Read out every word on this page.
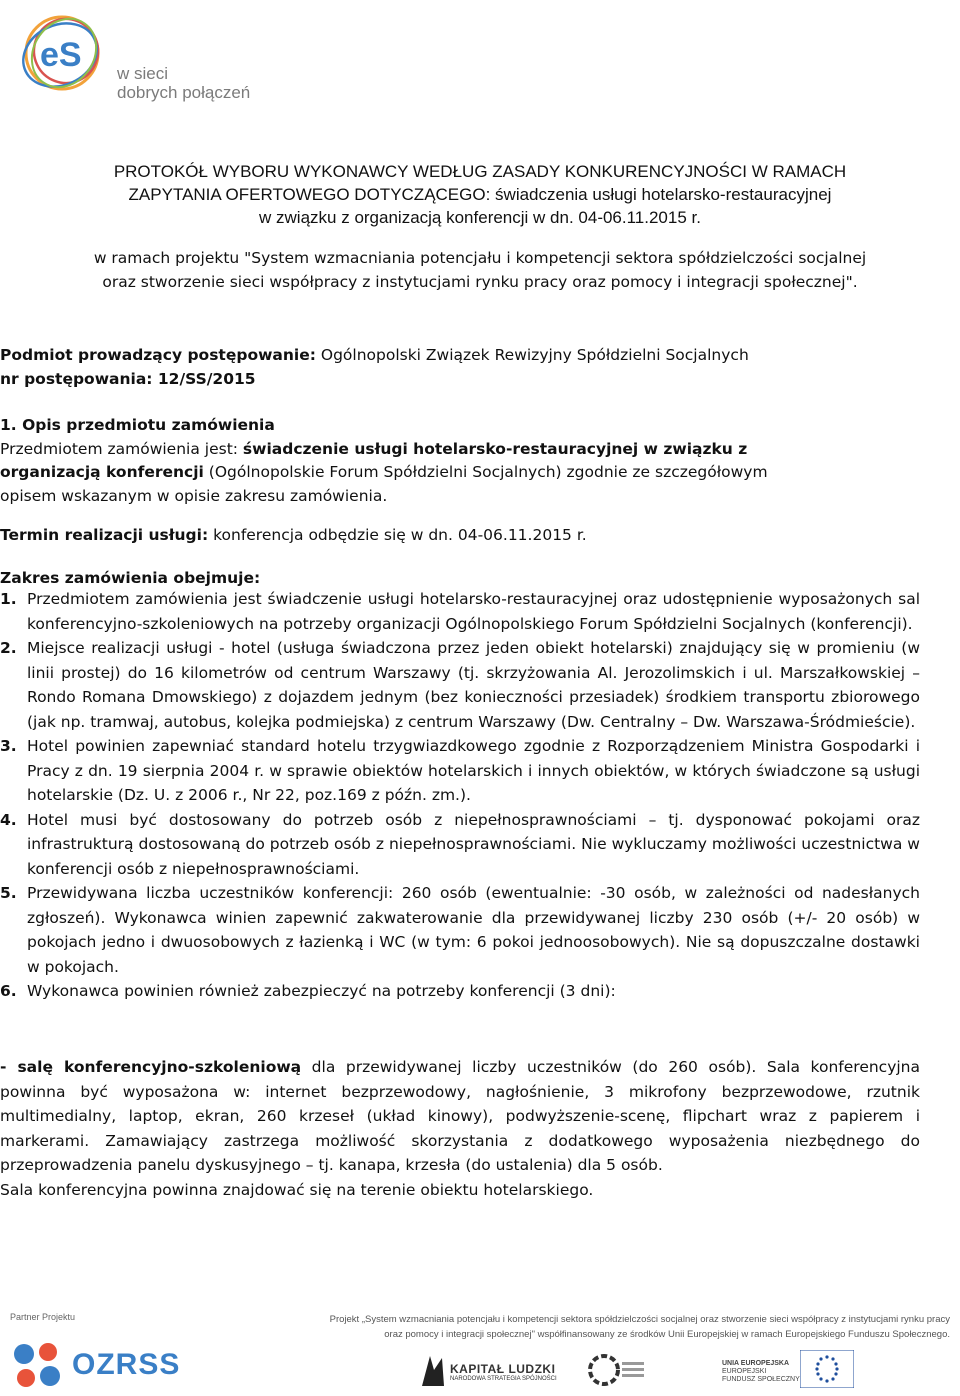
eS w sieci
dobrych połączeń
PROTOKÓŁ WYBORU WYKONAWCY WEDŁUG ZASADY KONKURENCYJNOŚCI W RAMACH
ZAPYTANIA OFERTOWEGO DOTYCZĄCEGO: świadczenia usługi hotelarsko-restauracyjnej
w związku z organizacją konferencji w dn. 04-06.11.2015 r.
w ramach projektu "System wzmacniania potencjału i kompetencji sektora spółdzielczości socjalnej
oraz stworzenie sieci współpracy z instytucjami rynku pracy oraz pomocy i integracji społecznej".
Podmiot prowadzący postępowanie: Ogólnopolski Związek Rewizyjny Spółdzielni Socjalnych
nr postępowania: 12/SS/2015
1. Opis przedmiotu zamówienia
Przedmiotem zamówienia jest: świadczenie usługi hotelarsko-restauracyjnej w związku z
organizacją konferencji (Ogólnopolskie Forum Spółdzielni Socjalnych) zgodnie ze szczegółowym
opisem wskazanym w opisie zakresu zamówienia.
Termin realizacji usługi: konferencja odbędzie się w dn. 04-06.11.2015 r.
Zakres zamówienia obejmuje:
1. Przedmiotem zamówienia jest świadczenie usługi hotelarsko-restauracyjnej oraz udostępnienie wyposażonych sal konferencyjno-szkoleniowych na potrzeby organizacji Ogólnopolskiego Forum Spółdzielni Socjalnych (konferencji).
2. Miejsce realizacji usługi - hotel (usługa świadczona przez jeden obiekt hotelarski) znajdujący się w promieniu (w linii prostej) do 16 kilometrów od centrum Warszawy (tj. skrzyżowania Al. Jerozolimskich i ul. Marszałkowskiej – Rondo Romana Dmowskiego) z dojazdem jednym (bez konieczności przesiadek) środkiem transportu zbiorowego (jak np. tramwaj, autobus, kolejka podmiejska) z centrum Warszawy (Dw. Centralny – Dw. Warszawa-Śródmieście).
3. Hotel powinien zapewniać standard hotelu trzygwiazdkowego zgodnie z Rozporządzeniem Ministra Gospodarki i Pracy z dn. 19 sierpnia 2004 r. w sprawie obiektów hotelarskich i innych obiektów, w których świadczone są usługi hotelarskie (Dz. U. z 2006 r., Nr 22, poz.169 z późn. zm.).
4. Hotel musi być dostosowany do potrzeb osób z niepełnosprawnościami – tj. dysponować pokojami oraz infrastrukturą dostosowaną do potrzeb osób z niepełnosprawnościami. Nie wykluczamy możliwości uczestnictwa w konferencji osób z niepełnosprawnościami.
5. Przewidywana liczba uczestników konferencji: 260 osób (ewentualnie: -30 osób, w zależności od nadesłanych zgłoszeń). Wykonawca winien zapewnić zakwaterowanie dla przewidywanej liczby 230 osób (+/- 20 osób) w pokojach jedno i dwuosobowych z łazienką i WC (w tym: 6 pokoi jednoosobowych). Nie są dopuszczalne dostawki w pokojach.
6. Wykonawca powinien również zabezpieczyć na potrzeby konferencji (3 dni):
- salę konferencyjno-szkoleniową dla przewidywanej liczby uczestników (do 260 osób). Sala konferencyjna powinna być wyposażona w: internet bezprzewodowy, nagłośnienie, 3 mikrofony bezprzewodowe, rzutnik multimedialny, laptop, ekran, 260 krzeseł (układ kinowy), podwyższenie-scenę, flipchart wraz z papierem i markerami. Zamawiający zastrzega możliwość skorzystania z dodatkowego wyposażenia niezbędnego do przeprowadzenia panelu dyskusyjnego – tj. kanapa, krzesła (do ustalenia) dla 5 osób.
Sala konferencyjna powinna znajdować się na terenie obiektu hotelarskiego.
Partner Projektu
OZRSS
Projekt „System wzmacniania potencjału i kompetencji sektora spółdzielczości socjalnej oraz stworzenie sieci współpracy z instytucjami rynku pracy
oraz pomocy i integracji społecznej" współfinansowany ze środków Unii Europejskiej w ramach Europejskiego Funduszu Społecznego.
KAPITAŁ LUDZKI
NARODOWA STRATEGIA SPÓJNOŚCI
UNIA EUROPEJSKA
EUROPEJSKI
FUNDUSZ SPOŁECZNY
